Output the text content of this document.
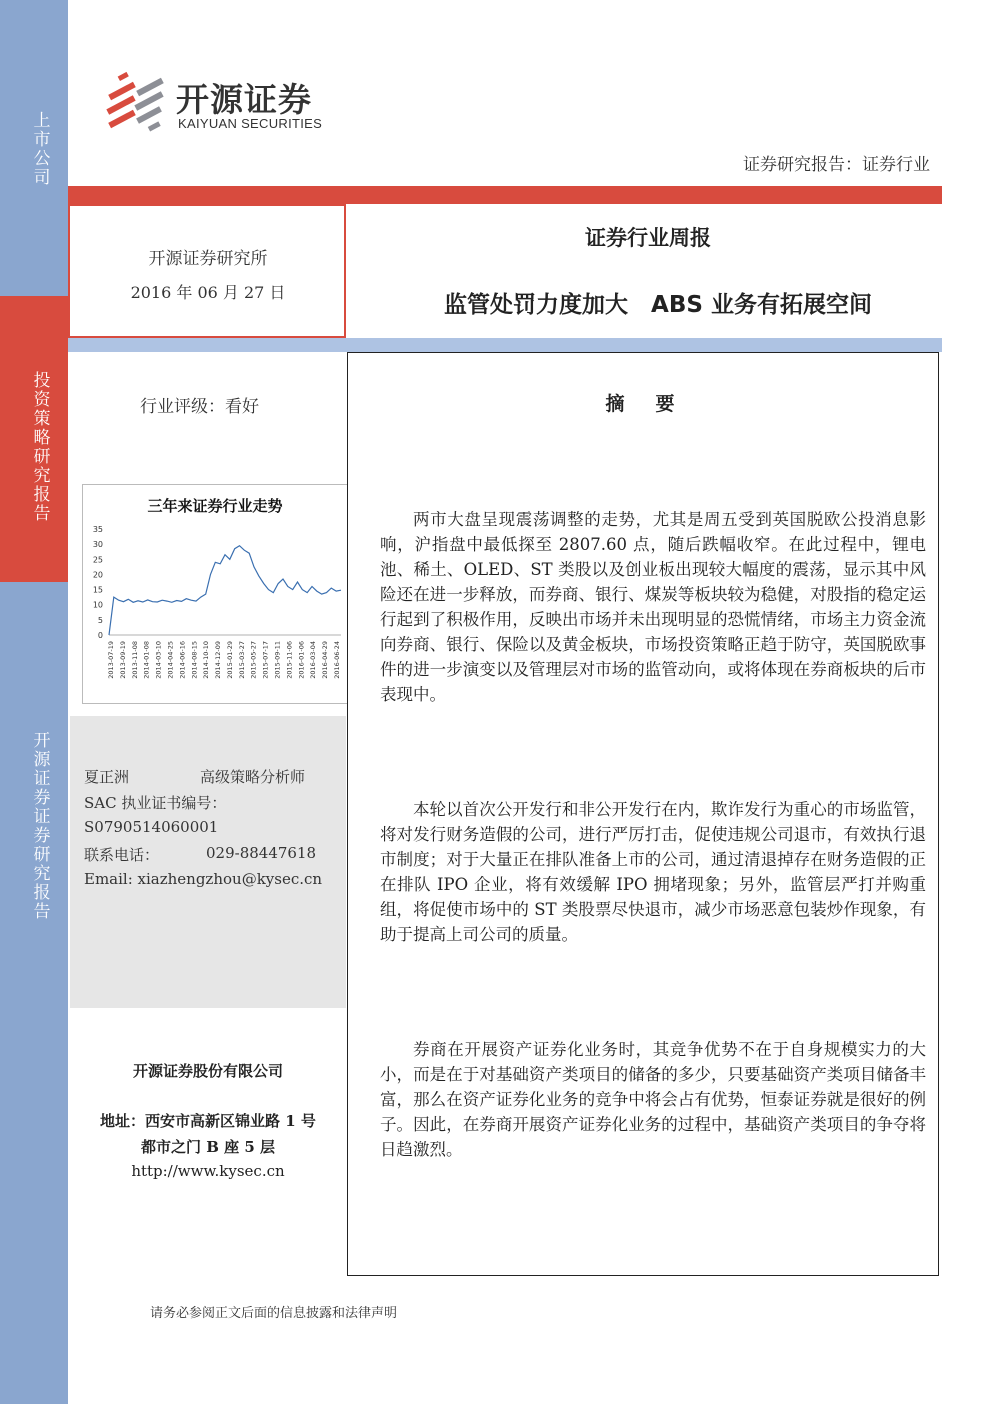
上市公司
投资策略研究报告
开源证券 证券研究报告
开源证券
KAIYUAN SECURITIES
证券研究报告：证券行业
开源证券研究所
2016 年 06 月 27 日
证券行业周报
监管处罚力度加大　ABS 业务有拓展空间
行业评级：看好
三年来证券行业走势
35
30
25
20
15
10
5
0
2013-07-19 2013-09-19 2013-11-08 2014-01-08 2014-03-10 2014-04-25 2014-06-16 2014-08-15 2014-10-10 2014-12-09 2015-01-29 2015-03-27 2015-05-27 2015-07-17 2015-09-11 2015-11-06 2016-01-06 2016-03-04 2016-04-29 2016-06-24
夏正洲	高级策略分析师
SAC 执业证书编号：
S0790514060001
联系电话：	029-88447618
Email: xiazhengzhou@kysec.cn
开源证券股份有限公司
地址：西安市高新区锦业路 1 号
都市之门 B 座 5 层
http://www.kysec.cn
摘　要
两市大盘呈现震荡调整的走势，尤其是周五受到英国脱欧公投消息影响，沪指盘中最低探至 2807.60 点，随后跌幅收窄。在此过程中，锂电池、稀土、OLED、ST 类股以及创业板出现较大幅度的震荡，显示其中风险还在进一步释放，而券商、银行、煤炭等板块较为稳健，对股指的稳定运行起到了积极作用，反映出市场并未出现明显的恐慌情绪，市场主力资金流向券商、银行、保险以及黄金板块，市场投资策略正趋于防守，英国脱欧事件的进一步演变以及管理层对市场的监管动向，或将体现在券商板块的后市表现中。
本轮以首次公开发行和非公开发行在内，欺诈发行为重心的市场监管，将对发行财务造假的公司，进行严厉打击，促使违规公司退市，有效执行退市制度；对于大量正在排队准备上市的公司，通过清退掉存在财务造假的正在排队 IPO 企业，将有效缓解 IPO 拥堵现象；另外，监管层严打并购重组，将促使市场中的 ST 类股票尽快退市，减少市场恶意包装炒作现象，有助于提高上司公司的质量。
券商在开展资产证券化业务时，其竞争优势不在于自身规模实力的大小，而是在于对基础资产类项目的储备的多少，只要基础资产类项目储备丰富，那么在资产证券化业务的竞争中将会占有优势，恒泰证券就是很好的例子。因此，在券商开展资产证券化业务的过程中，基础资产类项目的争夺将日趋激烈。
请务必参阅正文后面的信息披露和法律声明
